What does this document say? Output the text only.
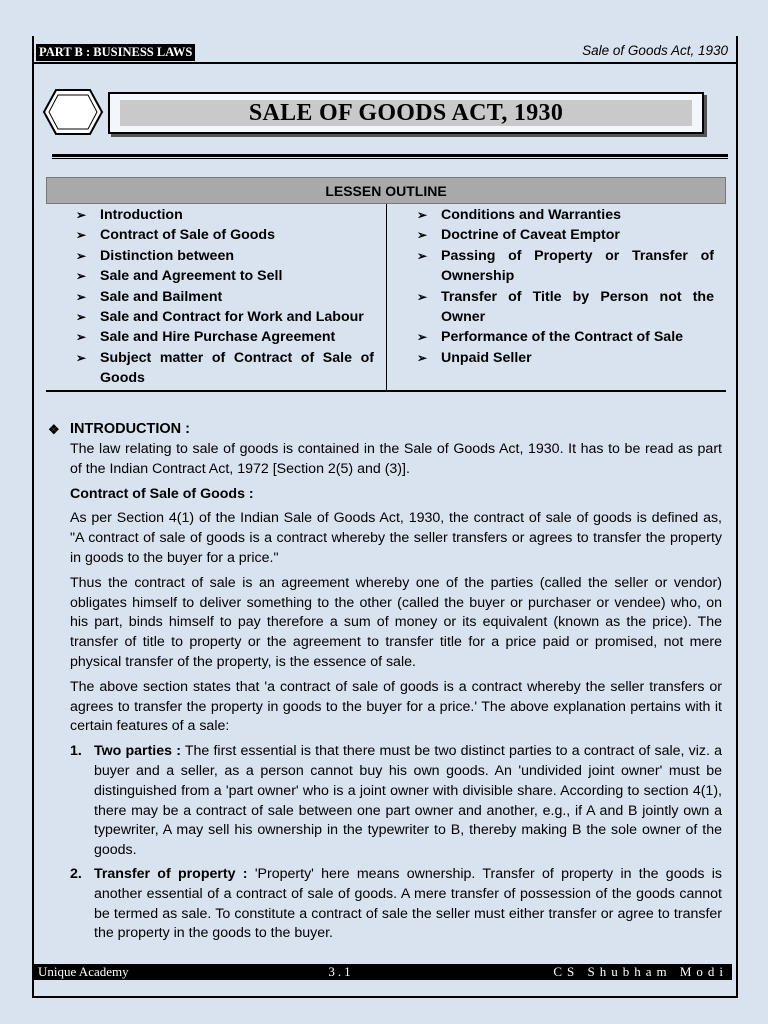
PART B : BUSINESS LAWS	Sale of Goods Act, 1930
SALE OF GOODS ACT, 1930
LESSEN OUTLINE
➢ Introduction
➢ Contract of Sale of Goods
➢ Distinction between
➢ Sale and Agreement to Sell
➢ Sale and Bailment
➢ Sale and Contract for Work and Labour
➢ Sale and Hire Purchase Agreement
➢ Subject matter of Contract of Sale of Goods
➢ Conditions and Warranties
➢ Doctrine of Caveat Emptor
➢ Passing of Property or Transfer of Ownership
➢ Transfer of Title by Person not the Owner
➢ Performance of the Contract of Sale
➢ Unpaid Seller
❖ INTRODUCTION :

The law relating to sale of goods is contained in the Sale of Goods Act, 1930. It has to be read as part of the Indian Contract Act, 1972 [Section 2(5) and (3)].

Contract of Sale of Goods :

As per Section 4(1) of the Indian Sale of Goods Act, 1930, the contract of sale of goods is defined as, "A contract of sale of goods is a contract whereby the seller transfers or agrees to transfer the property in goods to the buyer for a price."

Thus the contract of sale is an agreement whereby one of the parties (called the seller or vendor) obligates himself to deliver something to the other (called the buyer or purchaser or vendee) who, on his part, binds himself to pay therefore a sum of money or its equivalent (known as the price). The transfer of title to property or the agreement to transfer title for a price paid or promised, not mere physical transfer of the property, is the essence of sale.

The above section states that 'a contract of sale of goods is a contract whereby the seller transfers or agrees to transfer the property in goods to the buyer for a price.' The above explanation pertains with it certain features of a sale:

1. Two parties : The first essential is that there must be two distinct parties to a contract of sale, viz. a buyer and a seller, as a person cannot buy his own goods. An 'undivided joint owner' must be distinguished from a 'part owner' who is a joint owner with divisible share. According to section 4(1), there may be a contract of sale between one part owner and another, e.g., if A and B jointly own a typewriter, A may sell his ownership in the typewriter to B, thereby making B the sole owner of the goods.
2. Transfer of property : 'Property' here means ownership. Transfer of property in the goods is another essential of a contract of sale of goods. A mere transfer of possession of the goods cannot be termed as sale. To constitute a contract of sale the seller must either transfer or agree to transfer the property in the goods to the buyer.
Unique Academy	3.1	CS Shubham Modi
